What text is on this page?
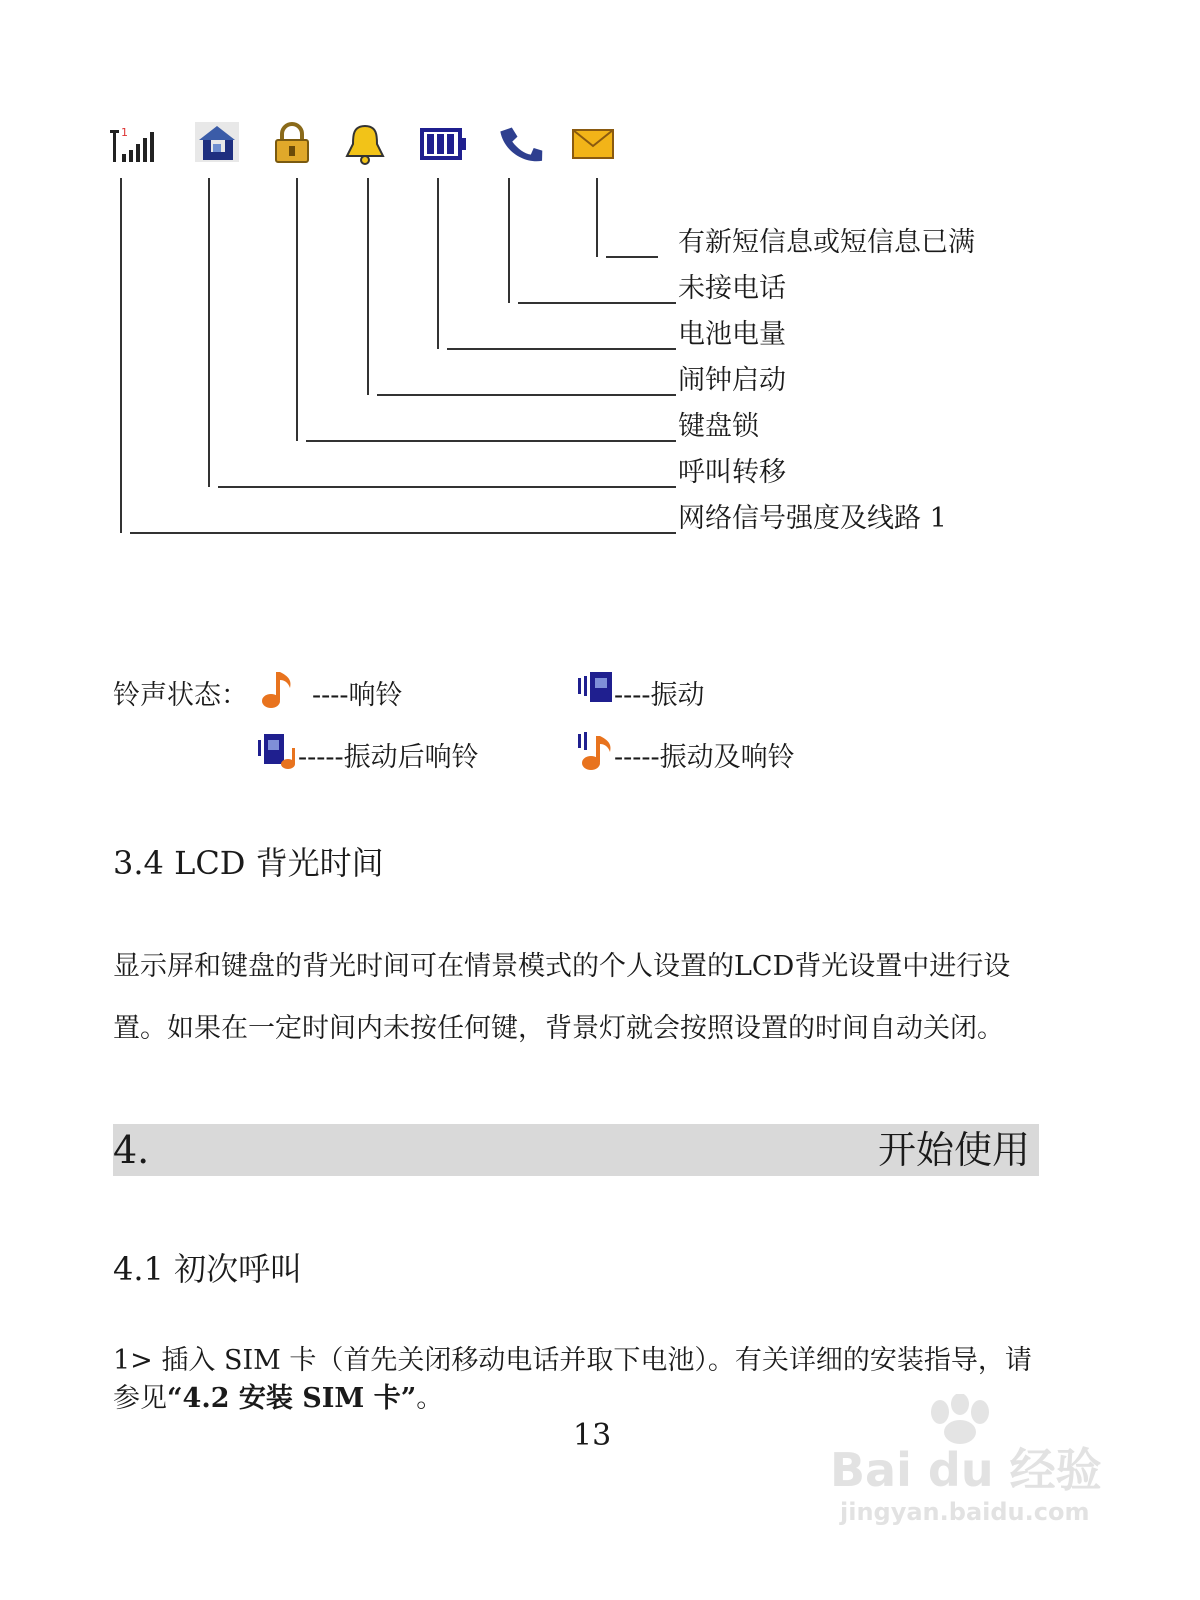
1
有新短信息或短信息已满
未接电话
电池电量
闹钟启动
键盘锁
呼叫转移
网络信号强度及线路 1
铃声状态： ----响铃	----振动
-----振动后响铃	-----振动及响铃
3.4 LCD 背光时间
显示屏和键盘的背光时间可在情景模式的个人设置的LCD背光设置中进行设
置。如果在一定时间内未按任何键，背景灯就会按照设置的时间自动关闭。
4.	开始使用
4.1 初次呼叫
1> 插入 SIM 卡（首先关闭移动电话并取下电池）。有关详细的安装指导，请
参见“4.2 安装 SIM 卡”。
13
Bai du 经验
jingyan.baidu.com
